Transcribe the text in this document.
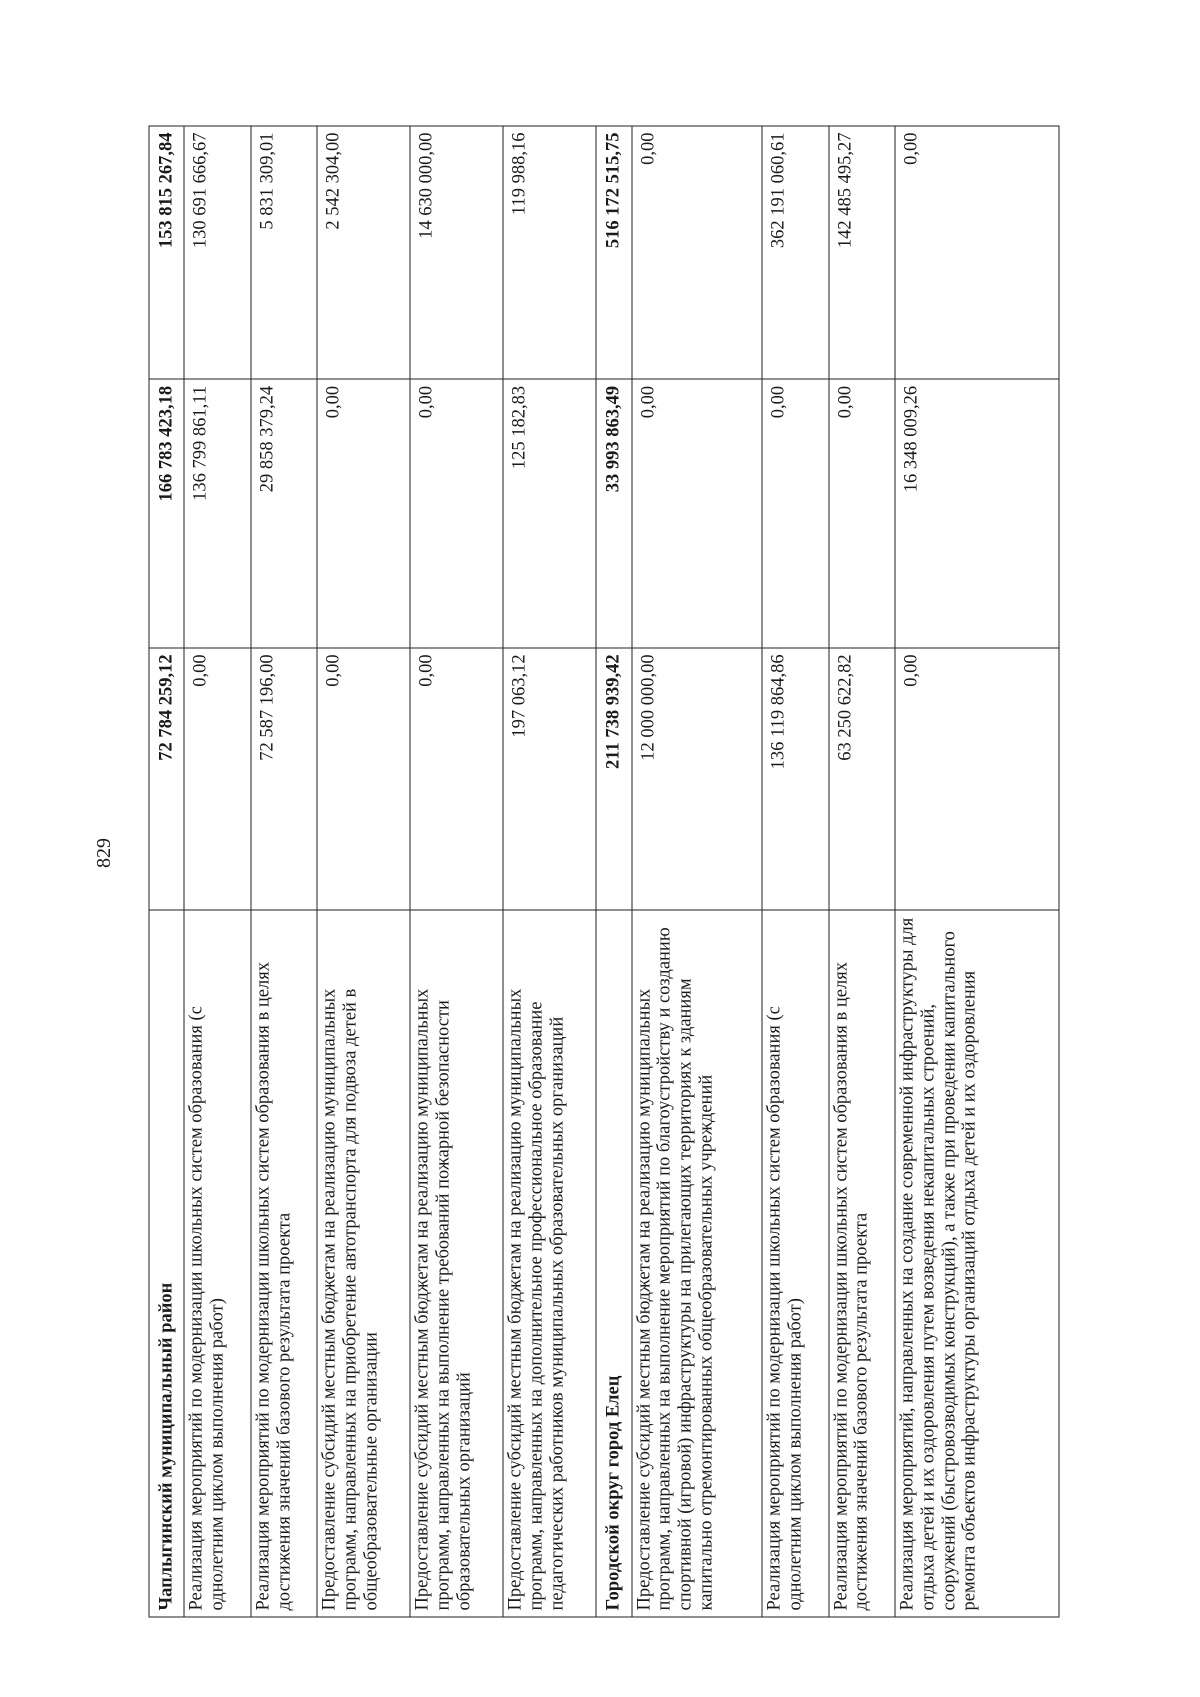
829
Чаплыгинский муниципальный район	72 784 259,12	166 783 423,18	153 815 267,84
Реализация мероприятий по модернизации школьных систем образования (с однолетним циклом выполнения работ)	0,00	136 799 861,11	130 691 666,67
Реализация мероприятий по модернизации школьных систем образования в целях достижения значений базового результата проекта	72 587 196,00	29 858 379,24	5 831 309,01
Предоставление субсидий местным бюджетам на реализацию муниципальных программ, направленных на приобретение автотранспорта для подвоза детей в общеобразовательные организации	0,00	0,00	2 542 304,00
Предоставление субсидий местным бюджетам на реализацию муниципальных программ, направленных на выполнение требований пожарной безопасности образовательных организаций	0,00	0,00	14 630 000,00
Предоставление субсидий местным бюджетам на реализацию муниципальных программ, направленных на дополнительное профессиональное образование педагогических работников муниципальных образовательных организаций	197 063,12	125 182,83	119 988,16
Городской округ город Елец	211 738 939,42	33 993 863,49	516 172 515,75
Предоставление субсидий местным бюджетам на реализацию муниципальных программ, направленных на выполнение мероприятий по благоустройству и созданию спортивной (игровой) инфраструктуры на прилегающих территориях к зданиям капитально отремонтированных общеобразовательных учреждений	12 000 000,00	0,00	0,00
Реализация мероприятий по модернизации школьных систем образования (с однолетним циклом выполнения работ)	136 119 864,86	0,00	362 191 060,61
Реализация мероприятий по модернизации школьных систем образования в целях достижения значений базового результата проекта	63 250 622,82	0,00	142 485 495,27
Реализация мероприятий, направленных на создание современной инфраструктуры для отдыха детей и их оздоровления путем возведения некапитальных строений, сооружений (быстровозводимых конструкций), а также при проведении капитального ремонта объектов инфраструктуры организаций отдыха детей и их оздоровления	0,00	16 348 009,26	0,00
